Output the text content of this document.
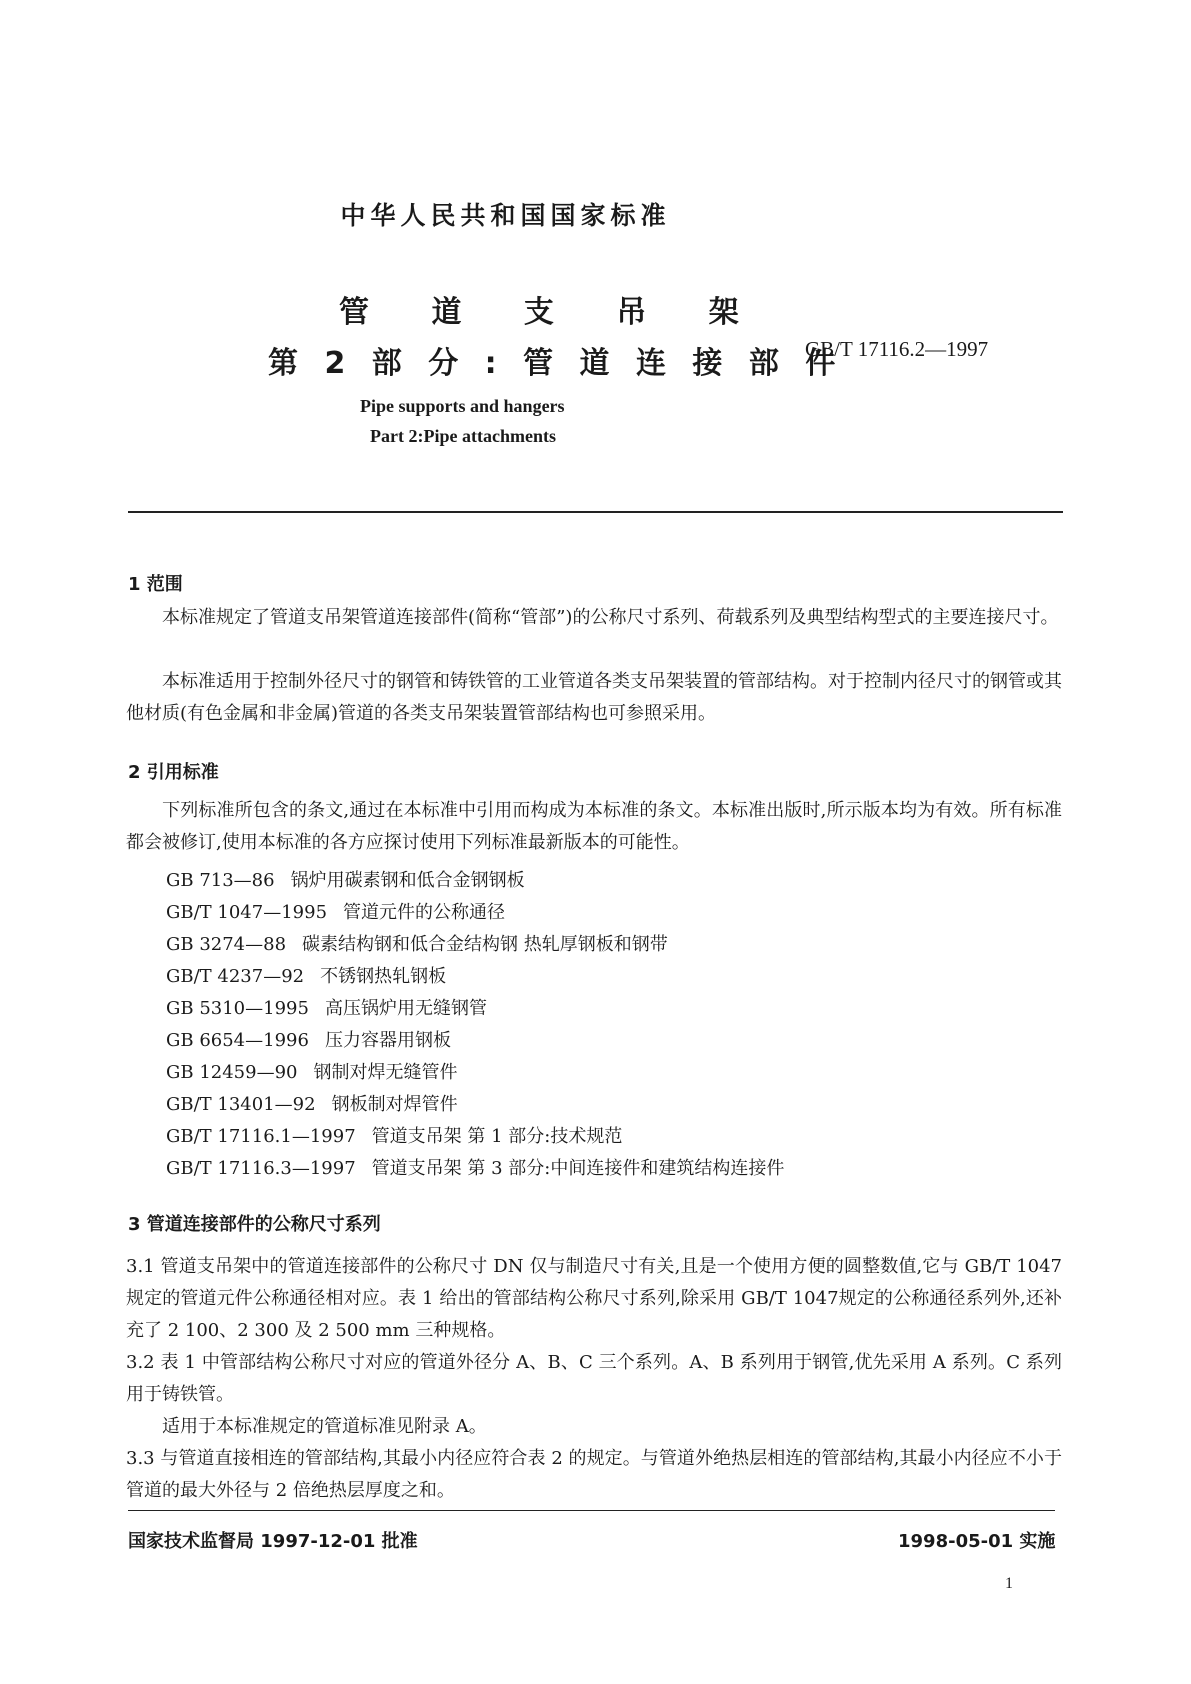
中华人民共和国国家标准
管 道 支 吊 架
第 2 部 分 : 管 道 连 接 部 件
GB/T 17116.2—1997
Pipe supports and hangers
Part 2:Pipe attachments
1 范围
本标准规定了管道支吊架管道连接部件(简称“管部”)的公称尺寸系列、荷载系列及典型结构型式的主要连接尺寸。
本标准适用于控制外径尺寸的钢管和铸铁管的工业管道各类支吊架装置的管部结构。对于控制内径尺寸的钢管或其他材质(有色金属和非金属)管道的各类支吊架装置管部结构也可参照采用。
2 引用标准
下列标准所包含的条文,通过在本标准中引用而构成为本标准的条文。本标准出版时,所示版本均为有效。所有标准都会被修订,使用本标准的各方应探讨使用下列标准最新版本的可能性。
GB 713—86 锅炉用碳素钢和低合金钢钢板
GB/T 1047—1995 管道元件的公称通径
GB 3274—88 碳素结构钢和低合金结构钢 热轧厚钢板和钢带
GB/T 4237—92 不锈钢热轧钢板
GB 5310—1995 高压锅炉用无缝钢管
GB 6654—1996 压力容器用钢板
GB 12459—90 钢制对焊无缝管件
GB/T 13401—92 钢板制对焊管件
GB/T 17116.1—1997 管道支吊架 第 1 部分:技术规范
GB/T 17116.3—1997 管道支吊架 第 3 部分:中间连接件和建筑结构连接件
3 管道连接部件的公称尺寸系列
3.1 管道支吊架中的管道连接部件的公称尺寸 DN 仅与制造尺寸有关,且是一个使用方便的圆整数值,它与 GB/T 1047 规定的管道元件公称通径相对应。表 1 给出的管部结构公称尺寸系列,除采用 GB/T 1047规定的公称通径系列外,还补充了 2 100、2 300 及 2 500 mm 三种规格。
3.2 表 1 中管部结构公称尺寸对应的管道外径分 A、B、C 三个系列。A、B 系列用于钢管,优先采用 A 系列。C 系列用于铸铁管。
适用于本标准规定的管道标准见附录 A。
3.3 与管道直接相连的管部结构,其最小内径应符合表 2 的规定。与管道外绝热层相连的管部结构,其最小内径应不小于管道的最大外径与 2 倍绝热层厚度之和。
国家技术监督局 1997-12-01 批准	1998-05-01 实施
1
